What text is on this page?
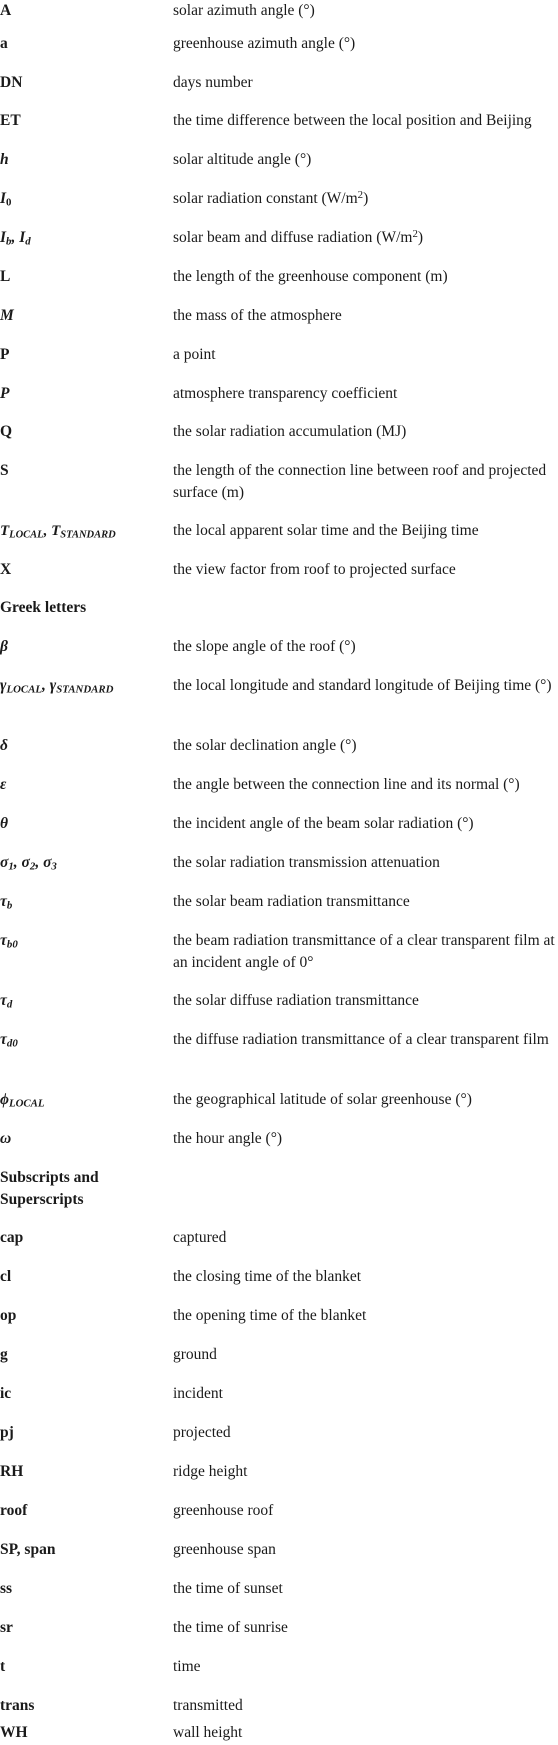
A	solar azimuth angle (°)
a	greenhouse azimuth angle (°)
DN	days number
ET	the time difference between the local position and Beijing
h	solar altitude angle (°)
$I_0$	solar radiation constant $(W/m^2)$
$I_b$, $I_d$	solar beam and diffuse radiation $(W/m^2)$
L	the length of the greenhouse component (m)
M	the mass of the atmosphere
P	a point
P	atmosphere transparency coefficient
Q	the solar radiation accumulation (MJ)
S	the length of the connection line between roof and projected surface (m)
$T_{LOCAL}$, $T_{STANDARD}$	the local apparent solar time and the Beijing time
X	the view factor from roof to projected surface
Greek letters
β	the slope angle of the roof (°)
$\gamma_{LOCAL}$, $\gamma_{STANDARD}$	the local longitude and standard longitude of Beijing time (°)
δ	the solar declination angle (°)
ε	the angle between the connection line and its normal (°)
θ	the incident angle of the beam solar radiation (°)
$\sigma_1$, $\sigma_2$, $\sigma_3$	the solar radiation transmission attenuation
$\tau_b$	the solar beam radiation transmittance
$\tau_{b0}$	the beam radiation transmittance of a clear transparent film at an incident angle of 0°
$\tau_d$	the solar diffuse radiation transmittance
$\tau_{d0}$	the diffuse radiation transmittance of a clear transparent film
$\phi_{LOCAL}$	the geographical latitude of solar greenhouse (°)
ω	the hour angle (°)
Subscripts and Superscripts
cap	captured
cl	the closing time of the blanket
op	the opening time of the blanket
g	ground
ic	incident
pj	projected
RH	ridge height
roof	greenhouse roof
SP, span	greenhouse span
ss	the time of sunset
sr	the time of sunrise
t	time
trans	transmitted
WH	wall height
